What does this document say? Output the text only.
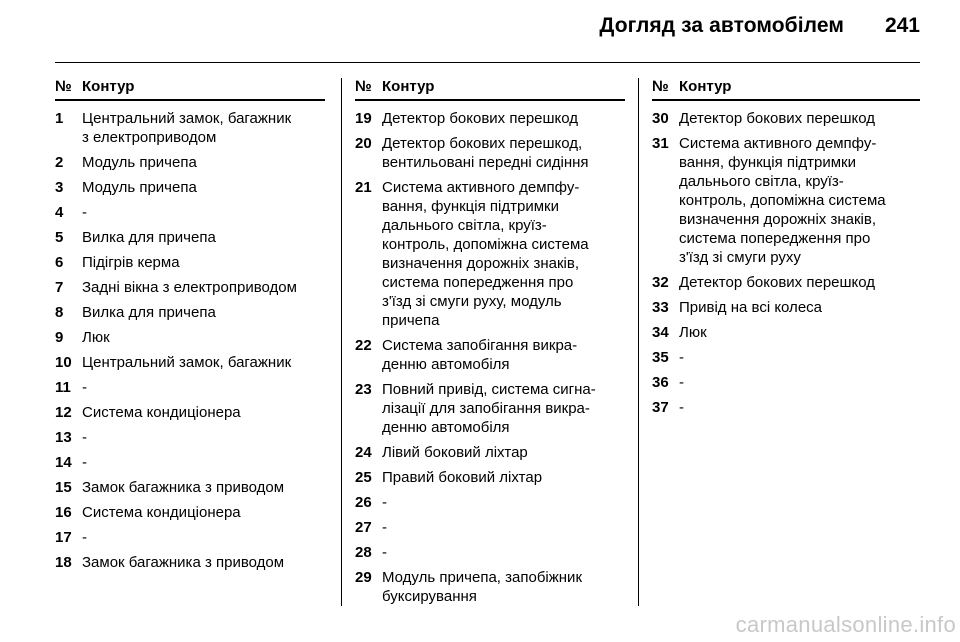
Догляд за автомобілем 241
№ Контур
1	Центральний замок, багажник
з електроприводом
2	Модуль причепа
3	Модуль причепа
4	-
5	Вилка для причепа
6	Підігрів керма
7	Задні вікна з електроприводом
8	Вилка для причепа
9	Люк
10 Центральний замок, багажник
11 -
12 Система кондиціонера
13 -
14 -
15 Замок багажника з приводом
16 Система кондиціонера
17 -
18 Замок багажника з приводом
№ Контур
19 Детектор бокових перешкод
20 Детектор бокових перешкод,
вентильовані передні сидіння
21 Система активного демпфу-
вання, функція підтримки
дальнього світла, круїз-
контроль, допоміжна система
визначення дорожніх знаків,
система попередження про
з'їзд зі смуги руху, модуль
причепа
22 Система запобігання викра-
денню автомобіля
23 Повний привід, система сигна-
лізації для запобігання викра-
денню автомобіля
24 Лівий боковий ліхтар
25 Правий боковий ліхтар
26 -
27 -
28 -
29 Модуль причепа, запобіжник
буксирування
№ Контур
30 Детектор бокових перешкод
31 Система активного демпфу-
вання, функція підтримки
дальнього світла, круїз-
контроль, допоміжна система
визначення дорожніх знаків,
система попередження про
з'їзд зі смуги руху
32 Детектор бокових перешкод
33 Привід на всі колеса
34 Люк
35 -
36 -
37 -
carmanualsonline.info
